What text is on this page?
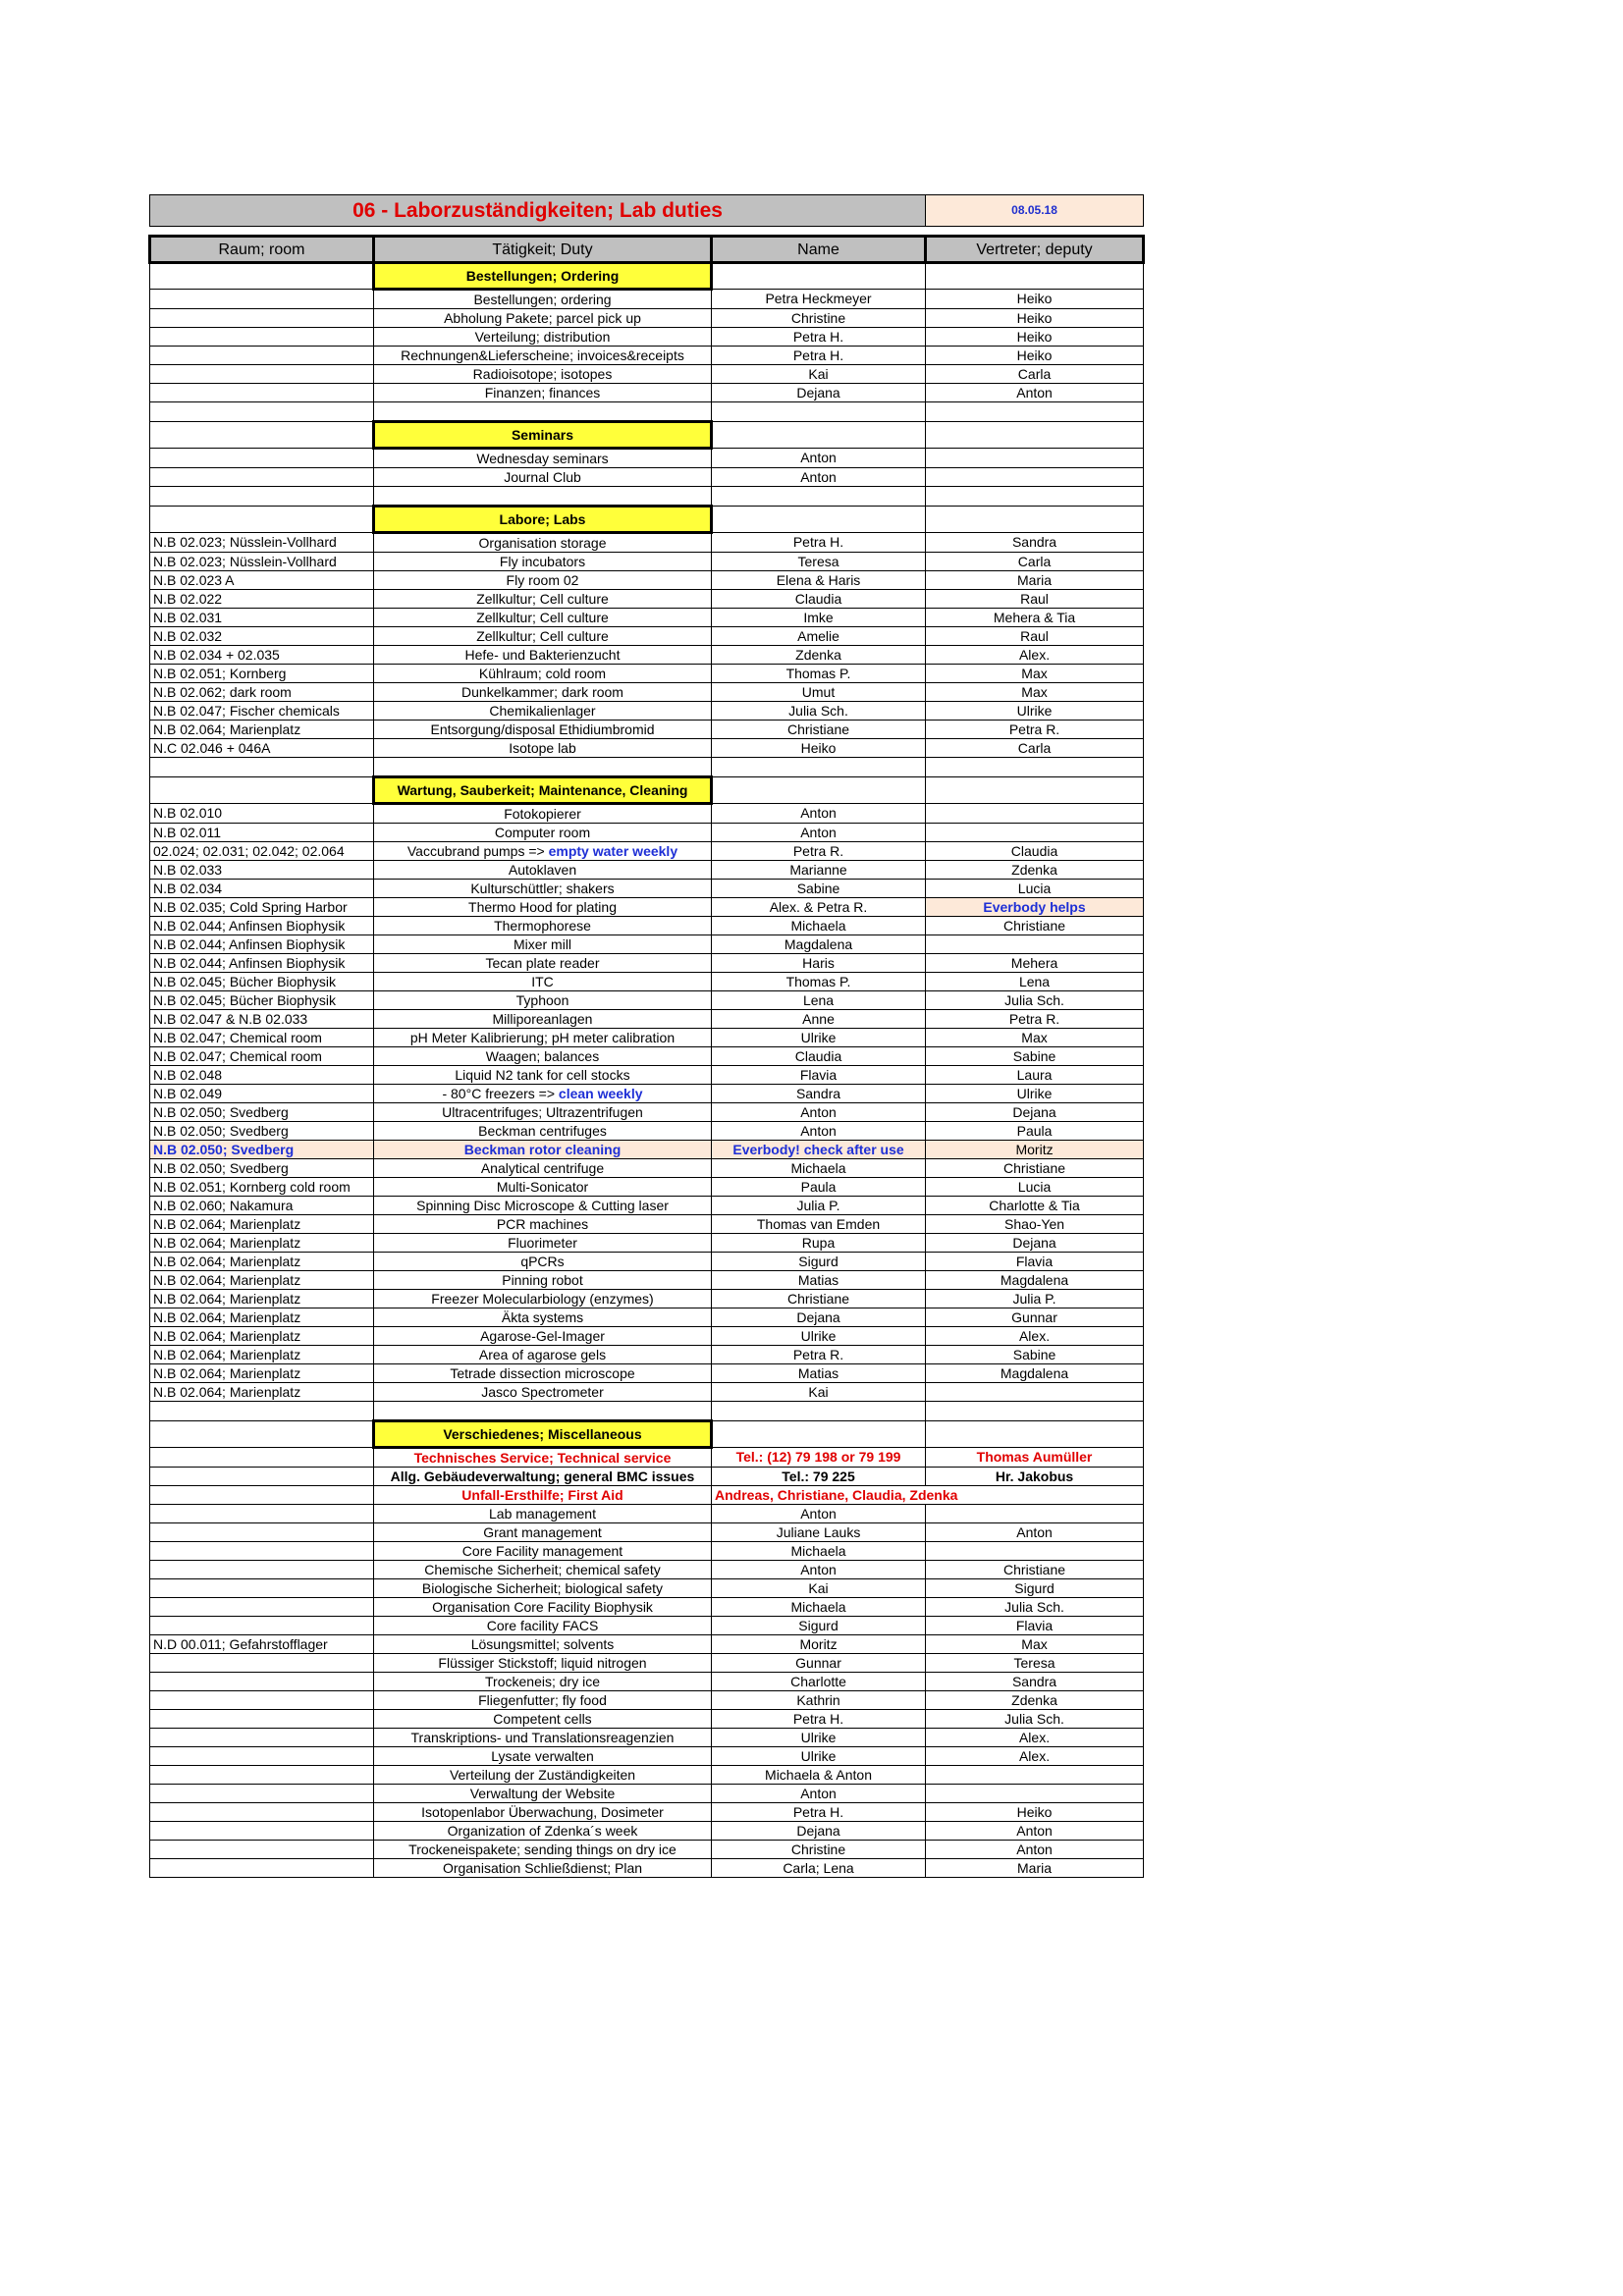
06 - Laborzuständigkeiten; Lab duties			08.05.18

Raum; room	Tätigkeit; Duty	Name	Vertreter; deputy
	Bestellungen; Ordering		
	Bestellungen; ordering	Petra Heckmeyer	Heiko
	Abholung Pakete; parcel pick up	Christine	Heiko
	Verteilung; distribution	Petra H.	Heiko
	Rechnungen&Lieferscheine; invoices&receipts	Petra H.	Heiko
	Radioisotope; isotopes	Kai	Carla
	Finanzen; finances	Dejana	Anton

	Seminars		
	Wednesday seminars	Anton	
	Journal Club	Anton	

	Labore; Labs		
N.B 02.023; Nüsslein-Vollhard	Organisation storage	Petra H.	Sandra
N.B 02.023; Nüsslein-Vollhard	Fly incubators	Teresa	Carla
N.B 02.023 A	Fly room 02	Elena & Haris	Maria
N.B 02.022	Zellkultur; Cell culture	Claudia	Raul
N.B 02.031	Zellkultur; Cell culture	Imke	Mehera & Tia
N.B 02.032	Zellkultur; Cell culture	Amelie	Raul
N.B 02.034 + 02.035	Hefe- und Bakterienzucht	Zdenka	Alex.
N.B 02.051; Kornberg	Kühlraum; cold room	Thomas P.	Max
N.B 02.062; dark room	Dunkelkammer; dark room	Umut	Max
N.B 02.047; Fischer chemicals	Chemikalienlager	Julia Sch.	Ulrike
N.B 02.064; Marienplatz	Entsorgung/disposal Ethidiumbromid	Christiane	Petra R.
N.C 02.046 + 046A	Isotope lab	Heiko	Carla

	Wartung, Sauberkeit; Maintenance, Cleaning		
N.B 02.010	Fotokopierer	Anton	
N.B 02.011	Computer room	Anton	
02.024; 02.031; 02.042; 02.064	Vaccubrand pumps => empty water weekly	Petra R.	Claudia
N.B 02.033	Autoklaven	Marianne	Zdenka
N.B 02.034	Kulturschüttler; shakers	Sabine	Lucia
N.B 02.035; Cold Spring Harbor	Thermo Hood for plating	Alex. & Petra R.	Everbody helps
N.B 02.044; Anfinsen Biophysik	Thermophorese	Michaela	Christiane
N.B 02.044; Anfinsen Biophysik	Mixer mill	Magdalena	
N.B 02.044; Anfinsen Biophysik	Tecan plate reader	Haris	Mehera
N.B 02.045; Bücher Biophysik	ITC	Thomas P.	Lena
N.B 02.045; Bücher Biophysik	Typhoon	Lena	Julia Sch.
N.B 02.047 & N.B 02.033	Milliporeanlagen	Anne	Petra R.
N.B 02.047; Chemical room	pH Meter Kalibrierung; pH meter calibration	Ulrike	Max
N.B 02.047; Chemical room	Waagen; balances	Claudia	Sabine
N.B 02.048	Liquid N2 tank for cell stocks	Flavia	Laura
N.B 02.049	- 80°C freezers => clean weekly	Sandra	Ulrike
N.B 02.050; Svedberg	Ultracentrifuges; Ultrazentrifugen	Anton	Dejana
N.B 02.050; Svedberg	Beckman centrifuges	Anton	Paula
N.B 02.050; Svedberg	Beckman rotor cleaning	Everbody! check after use	Moritz
N.B 02.050; Svedberg	Analytical centrifuge	Michaela	Christiane
N.B 02.051; Kornberg cold room	Multi-Sonicator	Paula	Lucia
N.B 02.060; Nakamura	Spinning Disc Microscope & Cutting laser	Julia P.	Charlotte & Tia
N.B 02.064; Marienplatz	PCR machines	Thomas van Emden	Shao-Yen
N.B 02.064; Marienplatz	Fluorimeter	Rupa	Dejana
N.B 02.064; Marienplatz	qPCRs	Sigurd	Flavia
N.B 02.064; Marienplatz	Pinning robot	Matias	Magdalena
N.B 02.064; Marienplatz	Freezer Molecularbiology (enzymes)	Christiane	Julia P.
N.B 02.064; Marienplatz	Äkta systems	Dejana	Gunnar
N.B 02.064; Marienplatz	Agarose-Gel-Imager	Ulrike	Alex.
N.B 02.064; Marienplatz	Area of agarose gels	Petra R.	Sabine
N.B 02.064; Marienplatz	Tetrade dissection microscope	Matias	Magdalena
N.B 02.064; Marienplatz	Jasco Spectrometer	Kai	

	Verschiedenes; Miscellaneous		
	Technisches Service; Technical service	Tel.: (12) 79 198 or 79 199	Thomas Aumüller
	Allg. Gebäudeverwaltung; general BMC issues	Tel.: 79 225	Hr. Jakobus
	Unfall-Ersthilfe; First Aid	Andreas, Christiane, Claudia, Zdenka	
	Lab management	Anton	
	Grant management	Juliane Lauks	Anton
	Core Facility management	Michaela	
	Chemische Sicherheit; chemical safety	Anton	Christiane
	Biologische Sicherheit; biological safety	Kai	Sigurd
	Organisation Core Facility Biophysik	Michaela	Julia Sch.
	Core facility FACS	Sigurd	Flavia
N.D 00.011; Gefahrstofflager	Lösungsmittel; solvents	Moritz	Max
	Flüssiger Stickstoff; liquid nitrogen	Gunnar	Teresa
	Trockeneis; dry ice	Charlotte	Sandra
	Fliegenfutter; fly food	Kathrin	Zdenka
	Competent cells	Petra H.	Julia Sch.
	Transkriptions- und Translationsreagenzien	Ulrike	Alex.
	Lysate verwalten	Ulrike	Alex.
	Verteilung der Zuständigkeiten	Michaela & Anton	
	Verwaltung der Website	Anton	
	Isotopenlabor Überwachung, Dosimeter	Petra H.	Heiko
	Organization of Zdenka´s week	Dejana	Anton
	Trockeneispakete; sending things on dry ice	Christine	Anton
	Organisation Schließdienst; Plan	Carla; Lena	Maria
